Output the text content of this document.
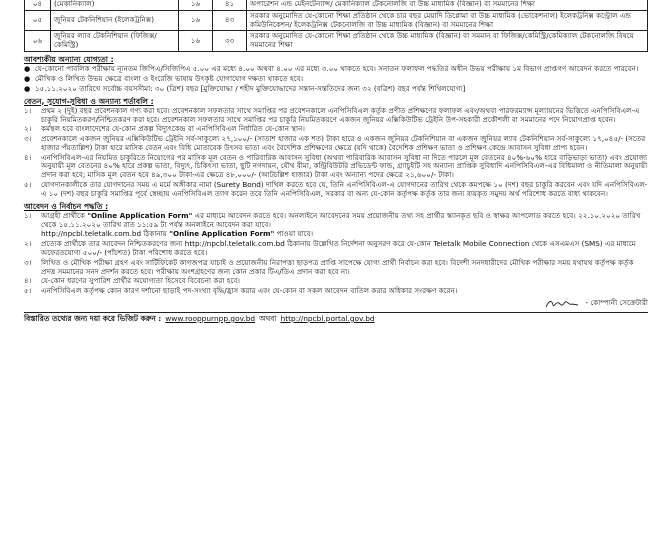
০৪	(মেকানিক্যাল)	১৬	৪১	অপারেশন এন্ড মেইনটেন্যান্স/ মেকানিক্যাল টেকনোলজি বা উচ্চ মাধ্যমিক (বিজ্ঞান) বা সমমানের শিক্ষা
০৫	জুনিয়র টেকনিশিয়ান (ইলেকট্রনিক্স)	১৬	৪৩	সরকার অনুমোদিত যে-কোনো শিক্ষা প্রতিষ্ঠান থেকে চার বছর মেয়াদি ডিপ্লোমা বা উচ্চ মাধ্যমিক (ভোকেশনাল) ইলেকট্রনিক্স কন্ট্রোল এন্ড কমিউনিকেশন/ ইলেকট্রনিক্স টেকনোলজি বা উচ্চ মাধ্যমিক (বিজ্ঞান) বা সমমানের শিক্ষা
০৬	জুনিয়র ল্যাব টেকনিশিয়ান (ফিজিক্স/কেমিস্ট্রি)	১৬	৩৩	সরকার অনুমোদিত যে-কোনো শিক্ষা প্রতিষ্ঠান থেকে উচ্চ মাধ্যমিক (বিজ্ঞান) বা সমমান বা ফিজিক্স/কেমিস্ট্রি/কেমিক্যাল টেকনোলজি বিষয়ে সমমানের শিক্ষা
আবশ্যকীয় অন্যান্য যোগ্যতা :
● যে-কোনো পাবলিক পরীক্ষায় ন্যূনতম জিপিএ/সিজিপিএ ৫.০০ এর মধ্যে ৪.০০ অথবা ৪.০০ এর মধ্যে ৩.০০ থাকতে হবে। সনাতন ফলাফল পদ্ধতির অধীন উভয় পরীক্ষায় ১ম বিভাগ প্রাপ্তগণ আবেদন করতে পারবেন।
● মৌখিক ও লিখিত উভয় ক্ষেত্রে বাংলা ও ইংরেজি ভাষায় উৎকৃষ্ট যোগাযোগ দক্ষতা থাকতে হবে।
● ১৫.১১.২০২০ তারিখে সর্বোচ্চ বয়সসীমা: ৩০ (ত্রিশ) বছর [মুক্তিযোদ্ধা / শহীদ মুক্তিযোদ্ধাদের সন্তান-সন্ততিদের জন্য ৩২ (বত্রিশ) বছর পর্যন্ত শিথিলযোগ্য]
বেতন, সুযোগ-সুবিধা ও অন্যান্য শর্তাবলি :
১।	প্রথম ২ (দুই) বছর প্রবেশনকাল গণ্য করা হবে। প্রবেশনকাল সফলতার সাথে সমাপ্তির পর প্রবেশনকালে এনপিসিবিএল কর্তৃক প্রণীত প্রশিক্ষণের ফলাফল এবং/অথবা পারফরম্যান্স মূল্যায়নের ভিত্তিতে এনপিসিবিএল-এ চাকুরি নিয়মিতকরণ/নিশ্চিতকরণ করা হবে। প্রবেশনকাল সফলতার সাথে সমাপ্তির পর চাকুরি নিয়মিতকরণে একজন জুনিয়র এক্সিকিউটিভ ট্রেইনি উপ-সহকারী প্রকৌশলী বা সমমানের পদে নিয়োগপ্রাপ্ত হবেন।
২।	কর্মস্থল হবে বাংলাদেশের যে-কোন প্রকল্প বিদ্যুৎকেন্দ্র বা এনপিসিবিএল নির্ধারিত যে-কোন স্থান।
৩।	প্রবেশনকালে একজন জুনিয়র এক্সিকিউটিভ ট্রেইনি সর্ব-সাকুল্যে ২৭,১০০/- (সাতাশ হাজার এক শত) টাকা হারে ও একজন জুনিয়র টেকনিশিয়ান বা একজন জুনিয়র ল্যাব টেকনিশিয়ান সর্ব-সাকুল্যে ১৭,০৪৫/- (সতের হাজার পঁয়তাল্লিশ) টাকা হারে মাসিক বেতন এবং বিধি মোতাবেক উৎসব ভাতা এবং বৈদেশিক প্রশিক্ষণের ক্ষেত্রে (যদি থাকে) বৈদেশিক প্রশিক্ষণ ভাতা ও প্রশিক্ষণ কেন্দ্রে আবাসন সুবিধা প্রাপ্য হবেন।
৪।	এনপিসিবিএল-এর নিয়মিত চাকুরিতে নিয়োগের পর মাসিক মূল বেতন ও পারিবারিক আবাসন সুবিধা (অথবা পারিবারিক আবাসন সুবিধা না দিতে পারলে মূল বেতনের ৪০%-৬০% হারে বাড়িভাড়া ভাতা) এবং প্রযোজ্য অনুযায়ী মূল বেতনের ৪০% হারে প্রকল্প ভাতা, বিদ্যুৎ, চিকিৎসা ভাতা, ছুটি নগদায়ন, যৌথ বীমা, কন্ট্রিবিউটরি প্রভিডেন্ট ফান্ড, গ্র্যাচুইটি সহ অন্যান্য প্রাপ্তিক সুবিধাদি এনপিসিবিএল-এর বিধিমালা ও নীতিমালা অনুযায়ী প্রদান করা হবে; মাসিক মূল বেতন হবে ৪৯,৩০০ টাকা-এর ক্ষেত্রে ৪৮,০০০/- (আটচল্লিশ হাজার) টাকা এবং অন্যান্য পদের ক্ষেত্রে ২১,৬০০/- টাকা।
৫।	যোগদানকালীকে তার যোগদানের সময় এ মর্মে অঙ্গীকার নামা (Surety Bond) দাখিল করতে হবে যে, তিনি এনপিসিবিএল-এ যোগদানের তারিখ থেকে কমপক্ষে ১০ (দশ) বছর চাকুরি করবেন এবং যদি এনপিসিবিএল-এ ১০ (দশ) বছর চাকুরি সমাপ্তির পূর্বে স্বেচ্ছায় এনপিসিবিএল ত্যাগ করেন তবে তিনি এনপিসিবিএল, সরকার বা অন্য যে-কোন কর্তৃপক্ষ কর্তৃক তার জন্য ব্যয়কৃত সমুদয় অর্থ পরিশোধ করতে বাধ্য থাকবেন।
আবেদন ও নির্বাচন পদ্ধতি :
১।	আগ্রহী প্রার্থীকে "Online Application Form" এর মাধ্যমে আবেদন করতে হবে। অনলাইনে আবেদনের সময় প্রয়োজনীয় তথ্য সহ প্রার্থীর স্ক্যানকৃত ছবি ও স্বাক্ষর আপলোড করতে হবে। ২২.১০.২০২০ তারিখ থেকে ১৫.১১.২০২০ তারিখ রাত ১১:৫৯ টা পর্যন্ত অনলাইনে আবেদন করা যাবে।
http://npcbl.teletalk.com.bd ঠিকানায় "Online Application Form" পাওয়া যাবে।
২।	প্রত্যেক প্রার্থীকে তার আবেদন নিশ্চিতকরণের জন্য http://npcbl.teletalk.com.bd ঠিকানায় উল্লেখিত নির্দেশনা অনুসরণ করে যে-কোন Teletalk Mobile Connection থেকে এসএমএস (SMS) এর মাধ্যমে অফেরতযোগ্য ৫০০/- (পাঁচশত) টাকা পরিশোধ করতে হবে।
৩।	লিখিত ও মৌখিক পরীক্ষা গ্রহণ এবং সার্টিফিকেট কাগজপত্র যাচাই ও প্রয়োজনীয় নিরাপত্তা ছাড়পত্র প্রাপ্তি সাপেক্ষে যোগ্য প্রার্থী নির্বাচন করা হবে। বিদেশী সনদধারীদের মৌখিক পরীক্ষার সময় যথাযথ কর্তৃপক্ষ কর্তৃক প্রদত্ত সমমানের সনদ প্রদর্শন করতে হবে। পরীক্ষায় অংশগ্রহণের জন্য কোন প্রকার টিএ/ডিএ প্রদান করা হবে না।
৪।	যে-কোন ধরণের সুপারিশ প্রার্থীর অযোগ্যতা হিসেবে বিবেচনা করা হবে।
৫।	এনপিসিবিএল কর্তৃপক্ষ কোন কারণ দর্শানো ছাড়াই পদ-সংখ্যা বৃদ্ধি/হ্রাস করার এবং যে-কোন বা সকল আবেদন বাতিল করার অধিকার সংরক্ষণ করেন।
- কোম্পানী সেক্রেটারী
বিস্তারিত তথ্যের জন্য দয়া করে ভিজিট করুন : www.rooppurnpp.gov.bd অথবা http://npcbl.portal.gov.bd
